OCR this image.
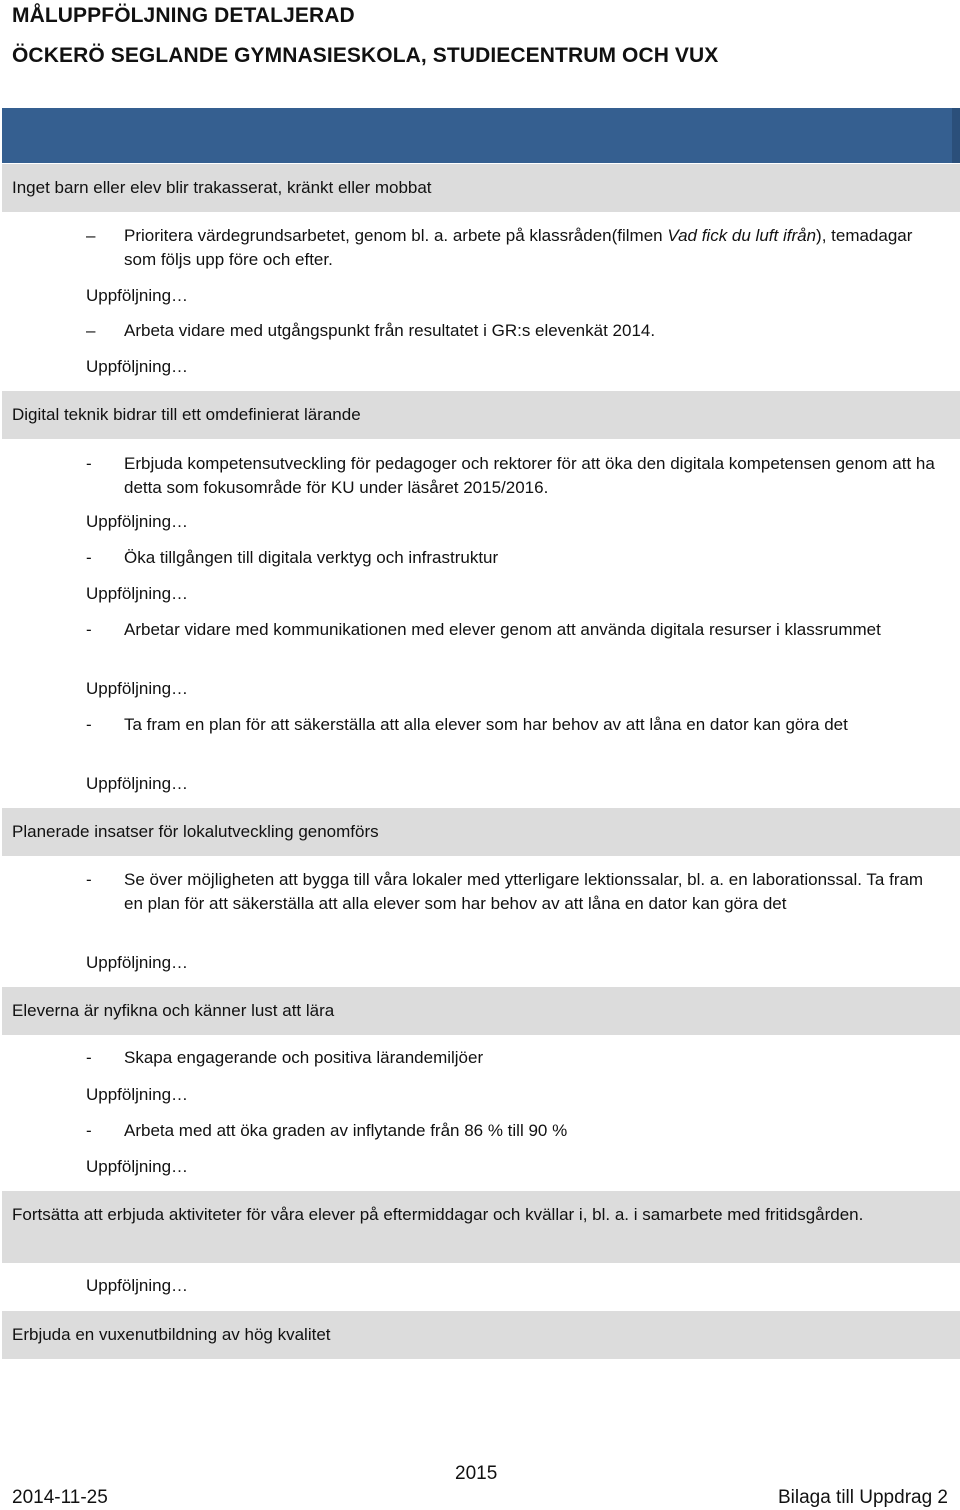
MÅLUPPFÖLJNING DETALJERAD
ÖCKERÖ SEGLANDE GYMNASIESKOLA, STUDIECENTRUM OCH VUX
Inget barn eller elev blir trakasserat, kränkt eller mobbat
–	Prioritera värdegrundsarbetet, genom bl. a. arbete på klassråden(filmen Vad fick du luft ifrån), temadagar som följs upp före och efter.
Uppföljning…
–	Arbeta vidare med utgångspunkt från resultatet i GR:s elevenkät 2014.
Uppföljning…
Digital teknik bidrar till ett omdefinierat lärande
-	Erbjuda kompetensutveckling för pedagoger och rektorer för att öka den digitala kompetensen genom att ha detta som fokusområde för KU under läsåret 2015/2016.
Uppföljning…
-	Öka tillgången till digitala verktyg och infrastruktur
Uppföljning…
-	Arbetar vidare med kommunikationen med elever genom att använda digitala resurser i klassrummet
Uppföljning…
-	Ta fram en plan för att säkerställa att alla elever som har behov av att låna en dator kan göra det
Uppföljning…
Planerade insatser för lokalutveckling genomförs
-	Se över möjligheten att bygga till våra lokaler med ytterligare lektionssalar, bl. a. en laborationssal. Ta fram en plan för att säkerställa att alla elever som har behov av att låna en dator kan göra det
Uppföljning…
Eleverna är nyfikna och känner lust att lära
-	Skapa engagerande och positiva lärandemiljöer
Uppföljning…
-	Arbeta med att öka graden av inflytande från 86 % till 90 %
Uppföljning…
Fortsätta att erbjuda aktiviteter för våra elever på eftermiddagar och kvällar i, bl. a. i samarbete med fritidsgården.
Uppföljning…
Erbjuda en vuxenutbildning av hög kvalitet
2015
2014-11-25	Bilaga till Uppdrag 2
